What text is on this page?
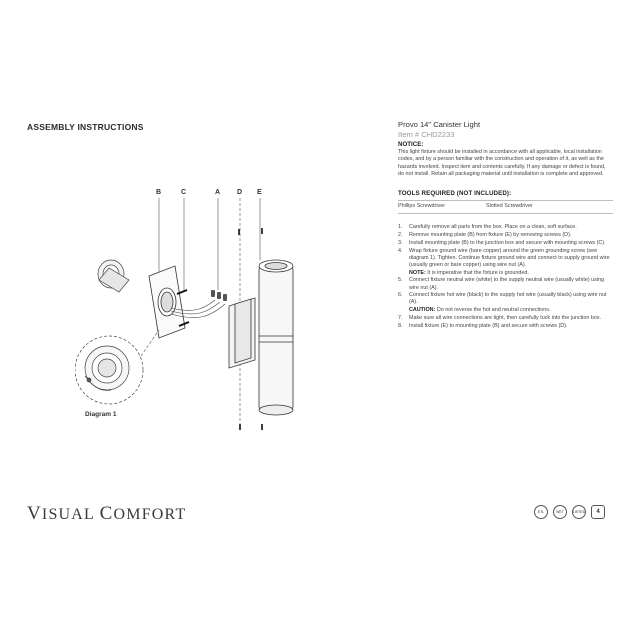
ASSEMBLY INSTRUCTIONS
B	C	A D E
Diagram 1
Provo 14" Canister Light
Item # CHD2233
NOTICE:
This light fixture should be installed in accordance with all applicable, local installation codes, and by a person familiar with the construction and operation of it, as well as the hazards involved. Inspect item and contents carefully. If any damage or defect is found, do not install. Retain all packaging material until installation is complete and approved.
TOOLS REQUIRED (NOT INCLUDED):
Phillips Screwdriver	Slotted Screwdriver
1.	Carefully remove all parts from the box. Place on a clean, soft surface.
2.	Remove mounting plate (B) from fixture (E) by removing screws (D).
3.	Install mounting plate (B) to the junction box and secure with mounting screws (C).
4.	Wrap fixture ground wire (bare copper) around the green grounding screw (see diagram 1). Tighten. Continue fixture ground wire and connect to supply ground wire (usually green or bare copper) using wire nut (A).
NOTE: It is imperative that the fixture is grounded.
5.	Connect fixture neutral wire (white) to the supply neutral wire (usually white) using wire nut (A).
6.	Connect fixture hot wire (black) to the supply hot wire (usually black) using wire nut (A).
CAUTION: Do not reverse the hot and neutral connections.
7.	Make sure all wire connections are tight, then carefully tuck into the junction box.
8.	Install fixture (E) to mounting plate (B) and secure with screws (D).
VISUAL COMFORT	ETL	WET	LISTED	4
